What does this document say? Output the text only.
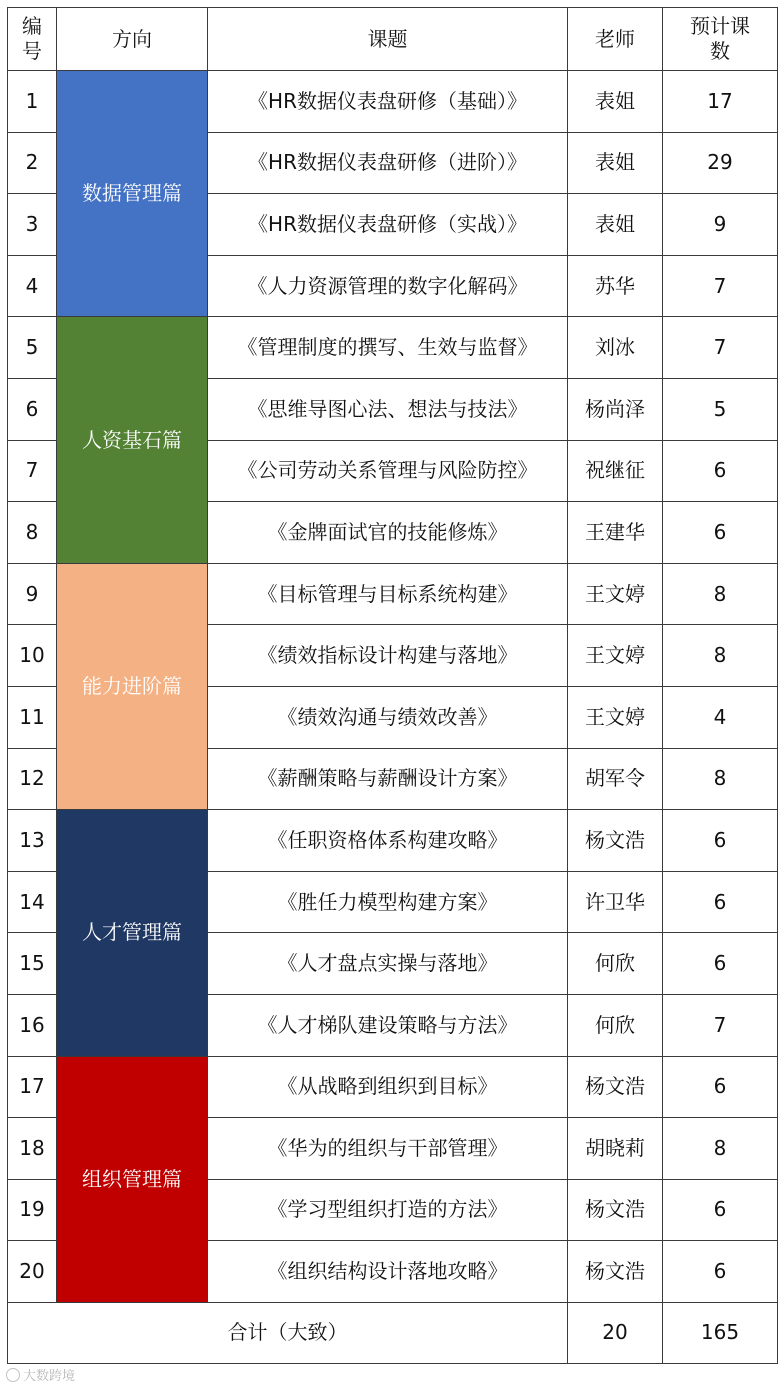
编
号	方向	课题	老师	预计课
数

1	数据管理篇	《HR数据仪表盘研修（基础）》	表姐	17
2		《HR数据仪表盘研修（进阶）》	表姐	29
3		《HR数据仪表盘研修（实战）》	表姐	9
4		《人力资源管理的数字化解码》	苏华	7
5	人资基石篇	《管理制度的撰写、生效与监督》	刘冰	7
6		《思维导图心法、想法与技法》	杨尚泽	5
7		《公司劳动关系管理与风险防控》	祝继征	6
8		《金牌面试官的技能修炼》	王建华	6
9	能力进阶篇	《目标管理与目标系统构建》	王文婷	8
10		《绩效指标设计构建与落地》	王文婷	8
11		《绩效沟通与绩效改善》	王文婷	4
12		《薪酬策略与薪酬设计方案》	胡军令	8
13	人才管理篇	《任职资格体系构建攻略》	杨文浩	6
14		《胜任力模型构建方案》	许卫华	6
15		《人才盘点实操与落地》	何欣	6
16		《人才梯队建设策略与方法》	何欣	7
17	组织管理篇	《从战略到组织到目标》	杨文浩	6
18		《华为的组织与干部管理》	胡晓莉	8
19		《学习型组织打造的方法》	杨文浩	6
20		《组织结构设计落地攻略》	杨文浩	6
合计（大致）			20	165
大数跨境
